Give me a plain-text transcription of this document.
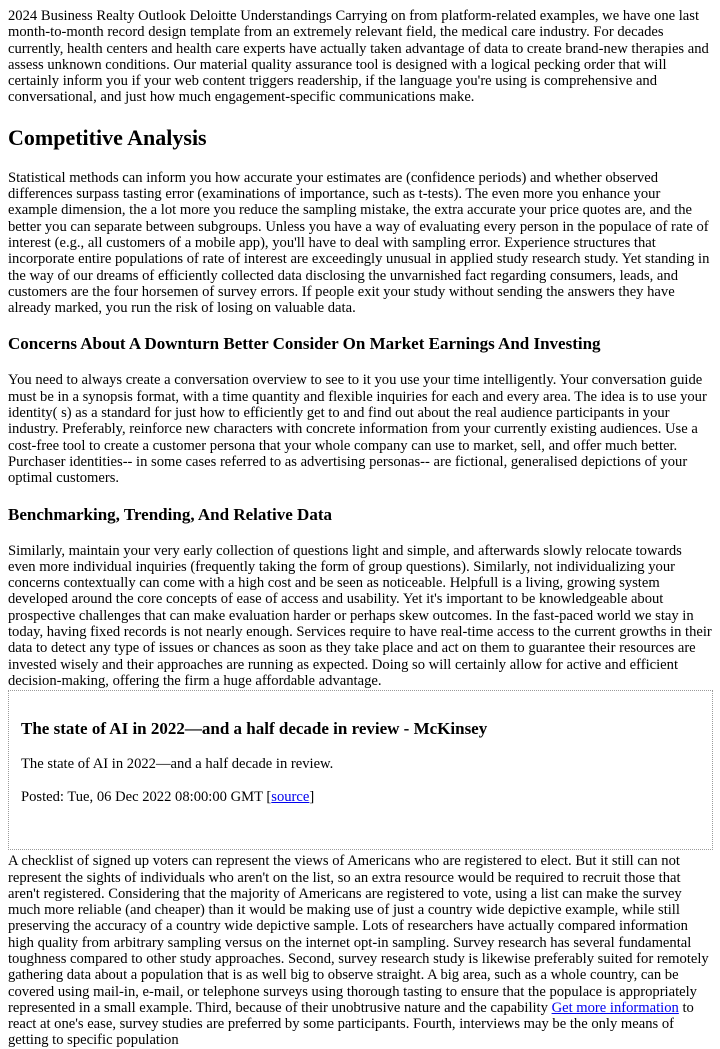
2024 Business Realty Outlook Deloitte Understandings Carrying on from platform-related examples, we have one last month-to-month record design template from an extremely relevant field, the medical care industry. For decades currently, health centers and health care experts have actually taken advantage of data to create brand-new therapies and assess unknown conditions. Our material quality assurance tool is designed with a logical pecking order that will certainly inform you if your web content triggers readership, if the language you're using is comprehensive and conversational, and just how much engagement-specific communications make.

Competitive Analysis

Statistical methods can inform you how accurate your estimates are (confidence periods) and whether observed differences surpass tasting error (examinations of importance, such as t-tests). The even more you enhance your example dimension, the a lot more you reduce the sampling mistake, the extra accurate your price quotes are, and the better you can separate between subgroups. Unless you have a way of evaluating every person in the populace of rate of interest (e.g., all customers of a mobile app), you'll have to deal with sampling error. Experience structures that incorporate entire populations of rate of interest are exceedingly unusual in applied study research study. Yet standing in the way of our dreams of efficiently collected data disclosing the unvarnished fact regarding consumers, leads, and customers are the four horsemen of survey errors. If people exit your study without sending the answers they have already marked, you run the risk of losing on valuable data.

Concerns About A Downturn Better Consider On Market Earnings And Investing

You need to always create a conversation overview to see to it you use your time intelligently. Your conversation guide must be in a synopsis format, with a time quantity and flexible inquiries for each and every area. The idea is to use your identity( s) as a standard for just how to efficiently get to and find out about the real audience participants in your industry. Preferably, reinforce new characters with concrete information from your currently existing audiences. Use a cost-free tool to create a customer persona that your whole company can use to market, sell, and offer much better. Purchaser identities-- in some cases referred to as advertising personas-- are fictional, generalised depictions of your optimal customers.

Benchmarking, Trending, And Relative Data

Similarly, maintain your very early collection of questions light and simple, and afterwards slowly relocate towards even more individual inquiries (frequently taking the form of group questions). Similarly, not individualizing your concerns contextually can come with a high cost and be seen as noticeable. Helpfull is a living, growing system developed around the core concepts of ease of access and usability. Yet it's important to be knowledgeable about prospective challenges that can make evaluation harder or perhaps skew outcomes. In the fast-paced world we stay in today, having fixed records is not nearly enough. Services require to have real-time access to the current growths in their data to detect any type of issues or chances as soon as they take place and act on them to guarantee their resources are invested wisely and their approaches are running as expected. Doing so will certainly allow for active and efficient decision-making, offering the firm a huge affordable advantage.

The state of AI in 2022—and a half decade in review - McKinsey

The state of AI in 2022—and a half decade in review.

Posted: Tue, 06 Dec 2022 08:00:00 GMT [source]

A checklist of signed up voters can represent the views of Americans who are registered to elect. But it still can not represent the sights of individuals who aren't on the list, so an extra resource would be required to recruit those that aren't registered. Considering that the majority of Americans are registered to vote, using a list can make the survey much more reliable (and cheaper) than it would be making use of just a country wide depictive example, while still preserving the accuracy of a country wide depictive sample. Lots of researchers have actually compared information high quality from arbitrary sampling versus on the internet opt-in sampling. Survey research has several fundamental toughness compared to other study approaches. Second, survey research study is likewise preferably suited for remotely gathering data about a population that is as well big to observe straight. A big area, such as a whole country, can be covered using mail-in, e-mail, or telephone surveys using thorough tasting to ensure that the populace is appropriately represented in a small example. Third, because of their unobtrusive nature and the capability Get more information to react at one's ease, survey studies are preferred by some participants. Fourth, interviews may be the only means of getting to specific population
